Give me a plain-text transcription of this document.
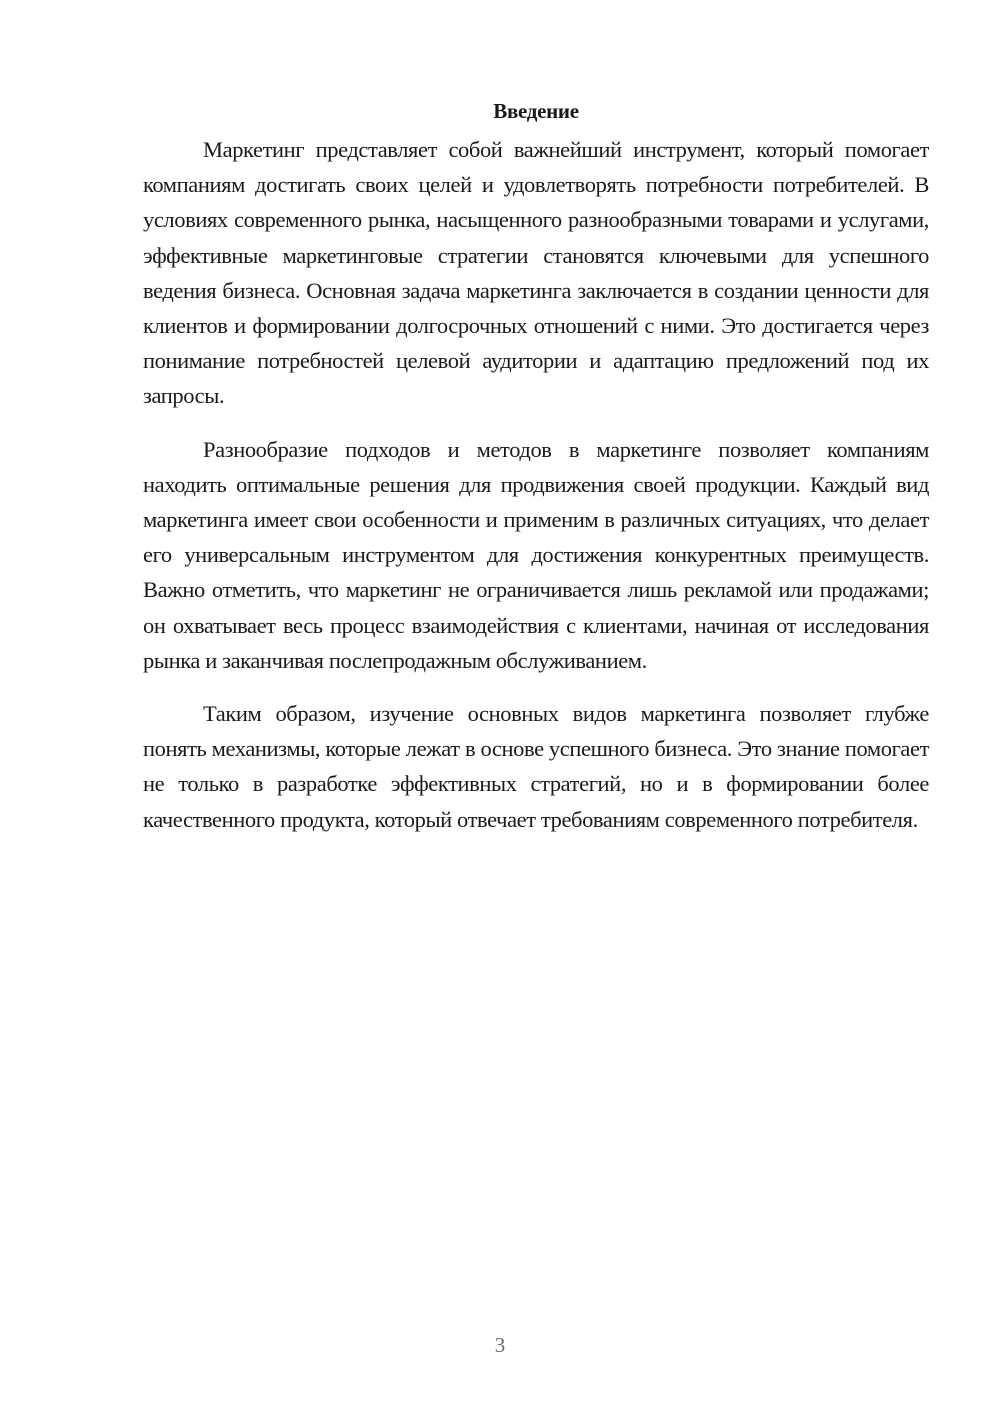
Введение

Маркетинг представляет собой важнейший инструмент, который помогает компаниям достигать своих целей и удовлетворять потребности потребителей. В условиях современного рынка, насыщенного разнообразными товарами и услугами, эффективные маркетинговые стратегии становятся ключевыми для успешного ведения бизнеса. Основная задача маркетинга заключается в создании ценности для клиентов и формировании долгосрочных отношений с ними. Это достигается через понимание потребностей целевой аудитории и адаптацию предложений под их запросы.

Разнообразие подходов и методов в маркетинге позволяет компаниям находить оптимальные решения для продвижения своей продукции. Каждый вид маркетинга имеет свои особенности и применим в различных ситуациях, что делает его универсальным инструментом для достижения конкурентных преимуществ. Важно отметить, что маркетинг не ограничивается лишь рекламой или продажами; он охватывает весь процесс взаимодействия с клиентами, начиная от исследования рынка и заканчивая послепродажным обслуживанием.

Таким образом, изучение основных видов маркетинга позволяет глубже понять механизмы, которые лежат в основе успешного бизнеса. Это знание помогает не только в разработке эффективных стратегий, но и в формировании более качественного продукта, который отвечает требованиям современного потребителя.

3
